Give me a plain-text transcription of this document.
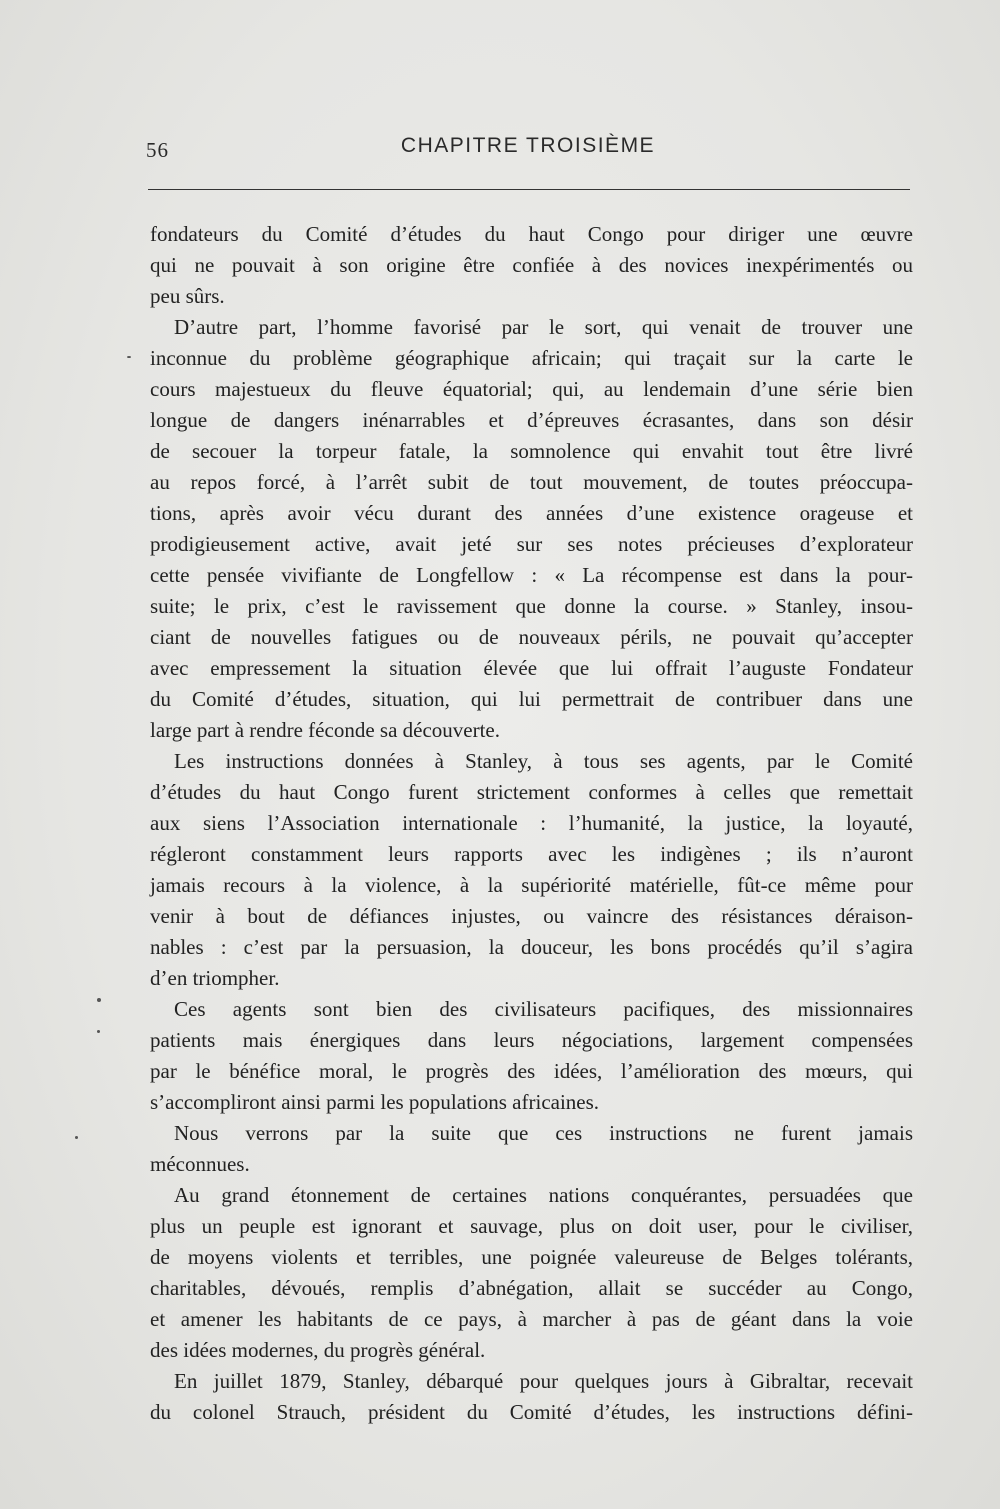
56	CHAPITRE TROISIÈME
fondateurs du Comité d’études du haut Congo pour diriger une œuvre
qui ne pouvait à son origine être confiée à des novices inexpérimentés ou
peu sûrs.
D’autre part, l’homme favorisé par le sort, qui venait de trouver une
inconnue du problème géographique africain; qui traçait sur la carte le
cours majestueux du fleuve équatorial; qui, au lendemain d’une série bien
longue de dangers inénarrables et d’épreuves écrasantes, dans son désir
de secouer la torpeur fatale, la somnolence qui envahit tout être livré
au repos forcé, à l’arrêt subit de tout mouvement, de toutes préoccupa-
tions, après avoir vécu durant des années d’une existence orageuse et
prodigieusement active, avait jeté sur ses notes précieuses d’explorateur
cette pensée vivifiante de Longfellow : « La récompense est dans la pour-
suite; le prix, c’est le ravissement que donne la course. » Stanley, insou-
ciant de nouvelles fatigues ou de nouveaux périls, ne pouvait qu’accepter
avec empressement la situation élevée que lui offrait l’auguste Fondateur
du Comité d’études, situation, qui lui permettrait de contribuer dans une
large part à rendre féconde sa découverte.
Les instructions données à Stanley, à tous ses agents, par le Comité
d’études du haut Congo furent strictement conformes à celles que remettait
aux siens l’Association internationale : l’humanité, la justice, la loyauté,
régleront constamment leurs rapports avec les indigènes ; ils n’auront
jamais recours à la violence, à la supériorité matérielle, fût-ce même pour
venir à bout de défiances injustes, ou vaincre des résistances déraison-
nables : c’est par la persuasion, la douceur, les bons procédés qu’il s’agira
d’en triompher.
Ces agents sont bien des civilisateurs pacifiques, des missionnaires
patients mais énergiques dans leurs négociations, largement compensées
par le bénéfice moral, le progrès des idées, l’amélioration des mœurs, qui
s’accompliront ainsi parmi les populations africaines.
Nous verrons par la suite que ces instructions ne furent jamais
méconnues.
Au grand étonnement de certaines nations conquérantes, persuadées que
plus un peuple est ignorant et sauvage, plus on doit user, pour le civiliser,
de moyens violents et terribles, une poignée valeureuse de Belges tolérants,
charitables, dévoués, remplis d’abnégation, allait se succéder au Congo,
et amener les habitants de ce pays, à marcher à pas de géant dans la voie
des idées modernes, du progrès général.
En juillet 1879, Stanley, débarqué pour quelques jours à Gibraltar, recevait
du colonel Strauch, président du Comité d’études, les instructions défini-
